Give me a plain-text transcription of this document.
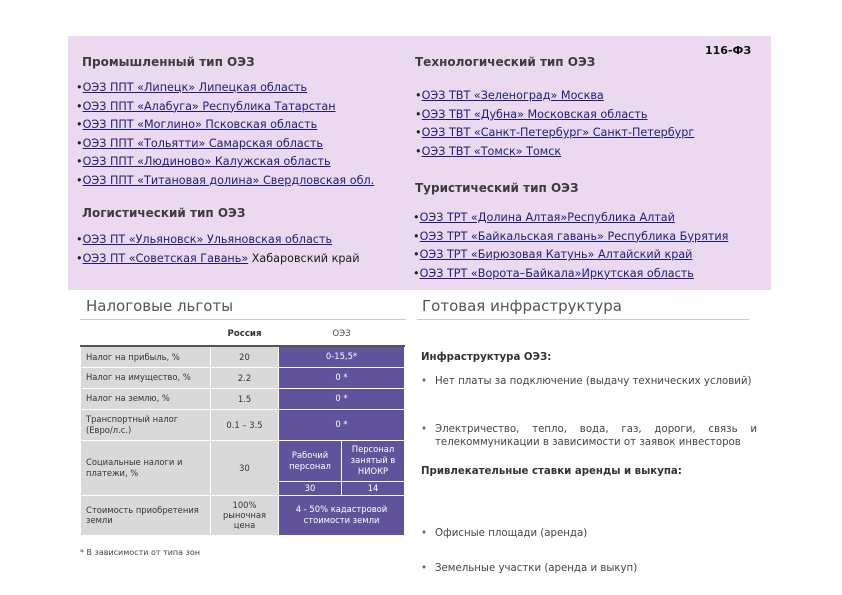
116-ФЗ
Промышленный тип ОЭЗ
•ОЭЗ ППТ «Липецк» Липецкая область
•ОЭЗ ППТ «Алабуга» Республика Татарстан
•ОЭЗ ППТ «Моглино» Псковская область
•ОЭЗ ППТ «Тольятти» Самарская область
•ОЭЗ ППТ «Людиново» Калужская область
•ОЭЗ ППТ «Титановая долина» Свердловская обл.
Логистический тип ОЭЗ
•ОЭЗ ПТ «Ульяновск» Ульяновская область
•ОЭЗ ПТ «Советская Гавань» Хабаровский край
Технологический тип ОЭЗ
•ОЭЗ ТВТ «Зеленоград» Москва
•ОЭЗ ТВТ «Дубна» Московская область
•ОЭЗ ТВТ «Санкт-Петербург» Санкт-Петербург
•ОЭЗ ТВТ «Томск» Томск
Туристический тип ОЭЗ
•ОЭЗ ТРТ «Долина Алтая»Республика Алтай
•ОЭЗ ТРТ «Байкальская гавань» Республика Бурятия
•ОЭЗ ТРТ «Бирюзовая Катунь» Алтайский край
•ОЭЗ ТРТ «Ворота–Байкала»Иркутская область
Налоговые льготы
	Россия	ОЭЗ	
Налог на прибыль, %	20	0-15,5*	
Налог на имущество, %	2.2	0 *	
Налог на землю, %	1.5	0 *	
Транспортный налог (Евро/л.с.)	0.1 – 3.5	0 *	
Социальные налоги и платежи, %	30	Рабочий персонал	Персонал занятый в НИОКР
		30	14
Стоимость приобретения земли	100% рыночная цена	4 - 50% кадастровой стоимости земли	
* В зависимости от типа зон
Готовая инфраструктура
Инфраструктура ОЭЗ:
• Нет платы за подключение (выдачу технических условий)
• Электричество, тепло, вода, газ, дороги, связь и телекоммуникации в зависимости от заявок инвесторов
Привлекательные ставки аренды и выкупа:
• Офисные площади (аренда)
• Земельные участки (аренда и выкуп)
